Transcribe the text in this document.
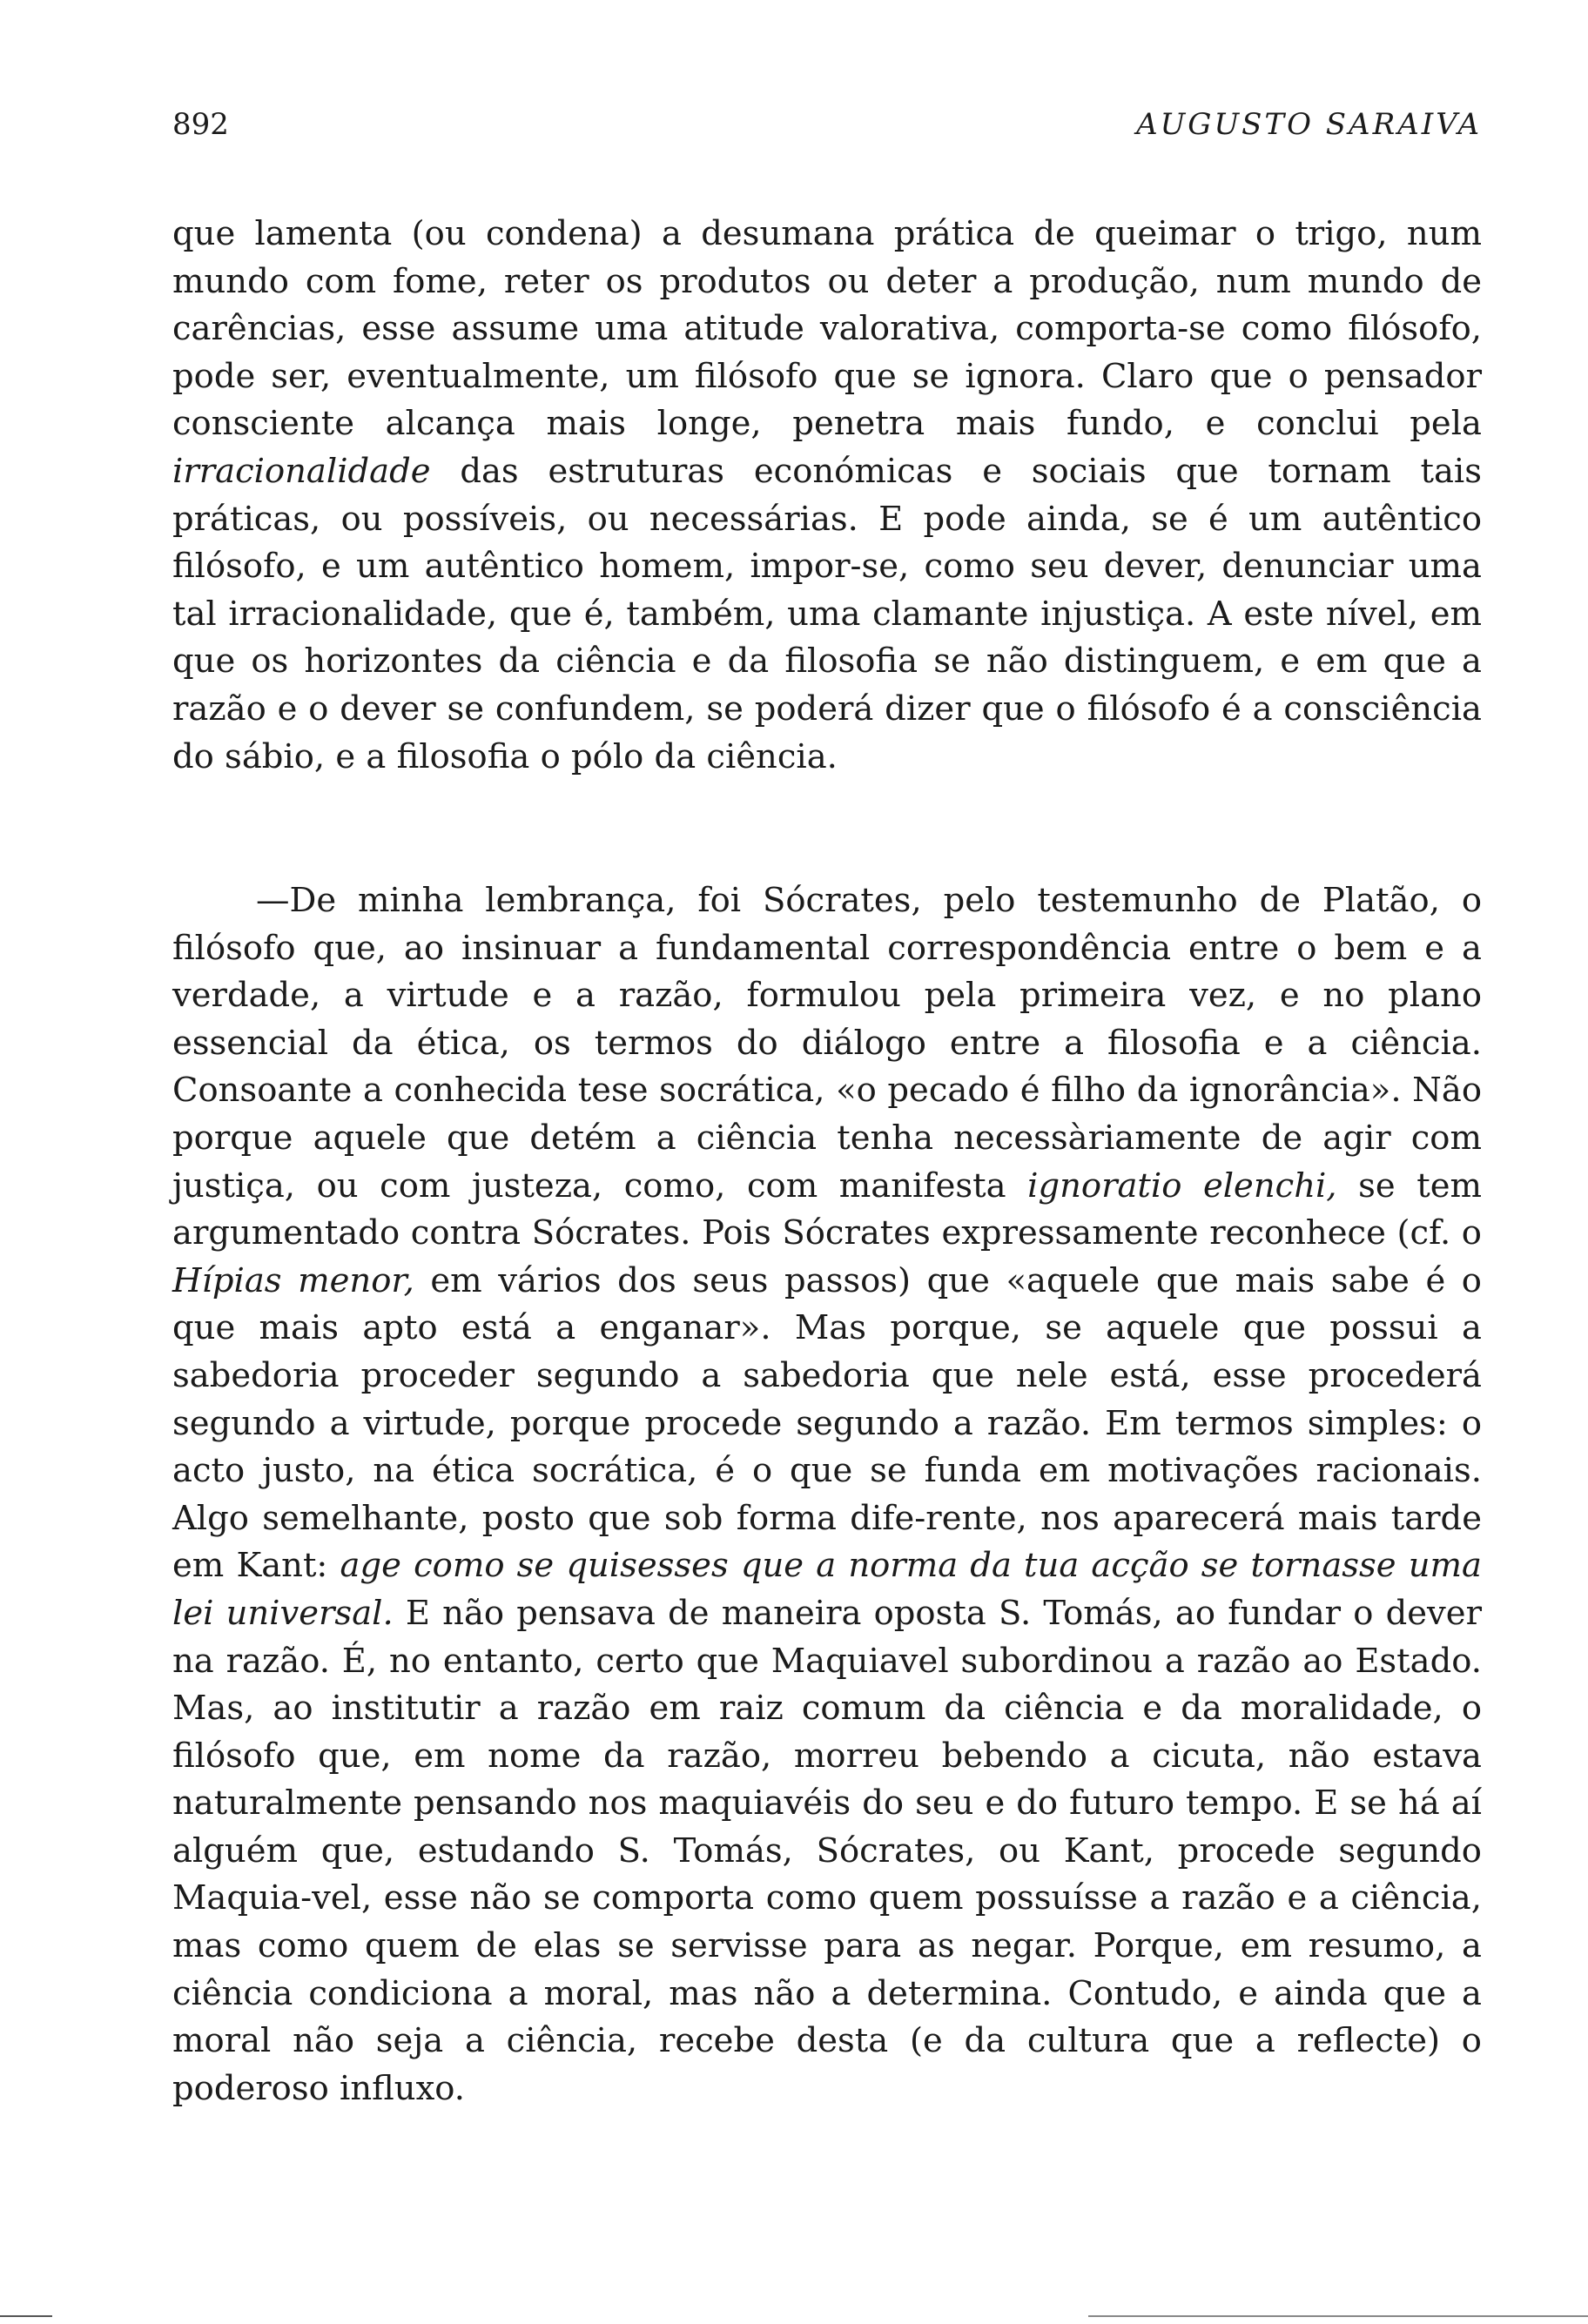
892	AUGUSTO SARAIVA

que lamenta (ou condena) a desumana prática de queimar o trigo, num mundo com fome, reter os produtos ou deter a produção, num mundo de carências, esse assume uma atitude valorativa, comporta-se como filósofo, pode ser, eventualmente, um filósofo que se ignora. Claro que o pensador consciente alcança mais longe, penetra mais fundo, e conclui pela irracionalidade das estruturas económicas e sociais que tornam tais práticas, ou possíveis, ou necessárias. E pode ainda, se é um autêntico filósofo, e um autêntico homem, impor-se, como seu dever, denunciar uma tal irracionalidade, que é, também, uma clamante injustiça. A este nível, em que os horizontes da ciência e da filosofia se não distinguem, e em que a razão e o dever se confundem, se poderá dizer que o filósofo é a consciência do sábio, e a filosofia o pólo da ciência.

—De minha lembrança, foi Sócrates, pelo testemunho de Platão, o filósofo que, ao insinuar a fundamental correspondência entre o bem e a verdade, a virtude e a razão, formulou pela primeira vez, e no plano essencial da ética, os termos do diálogo entre a filosofia e a ciência. Consoante a conhecida tese socrática, «o pecado é filho da ignorância». Não porque aquele que detém a ciência tenha necessàriamente de agir com justiça, ou com justeza, como, com manifesta ignoratio elenchi, se tem argumentado contra Sócrates. Pois Sócrates expressamente reconhece (cf. o Hípias menor, em vários dos seus passos) que «aquele que mais sabe é o que mais apto está a enganar». Mas porque, se aquele que possui a sabedoria proceder segundo a sabedoria que nele está, esse procederá segundo a virtude, porque procede segundo a razão. Em termos simples: o acto justo, na ética socrática, é o que se funda em motivações racionais. Algo semelhante, posto que sob forma dife-rente, nos aparecerá mais tarde em Kant: age como se quisesses que a norma da tua acção se tornasse uma lei universal. E não pensava de maneira oposta S. Tomás, ao fundar o dever na razão. É, no entanto, certo que Maquiavel subordinou a razão ao Estado. Mas, ao institutir a razão em raiz comum da ciência e da moralidade, o filósofo que, em nome da razão, morreu bebendo a cicuta, não estava naturalmente pensando nos maquiavéis do seu e do futuro tempo. E se há aí alguém que, estudando S. Tomás, Sócrates, ou Kant, procede segundo Maquia-vel, esse não se comporta como quem possuísse a razão e a ciência, mas como quem de elas se servisse para as negar. Porque, em resumo, a ciência condiciona a moral, mas não a determina. Contudo, e ainda que a moral não seja a ciência, recebe desta (e da cultura que a reflecte) o poderoso influxo.
